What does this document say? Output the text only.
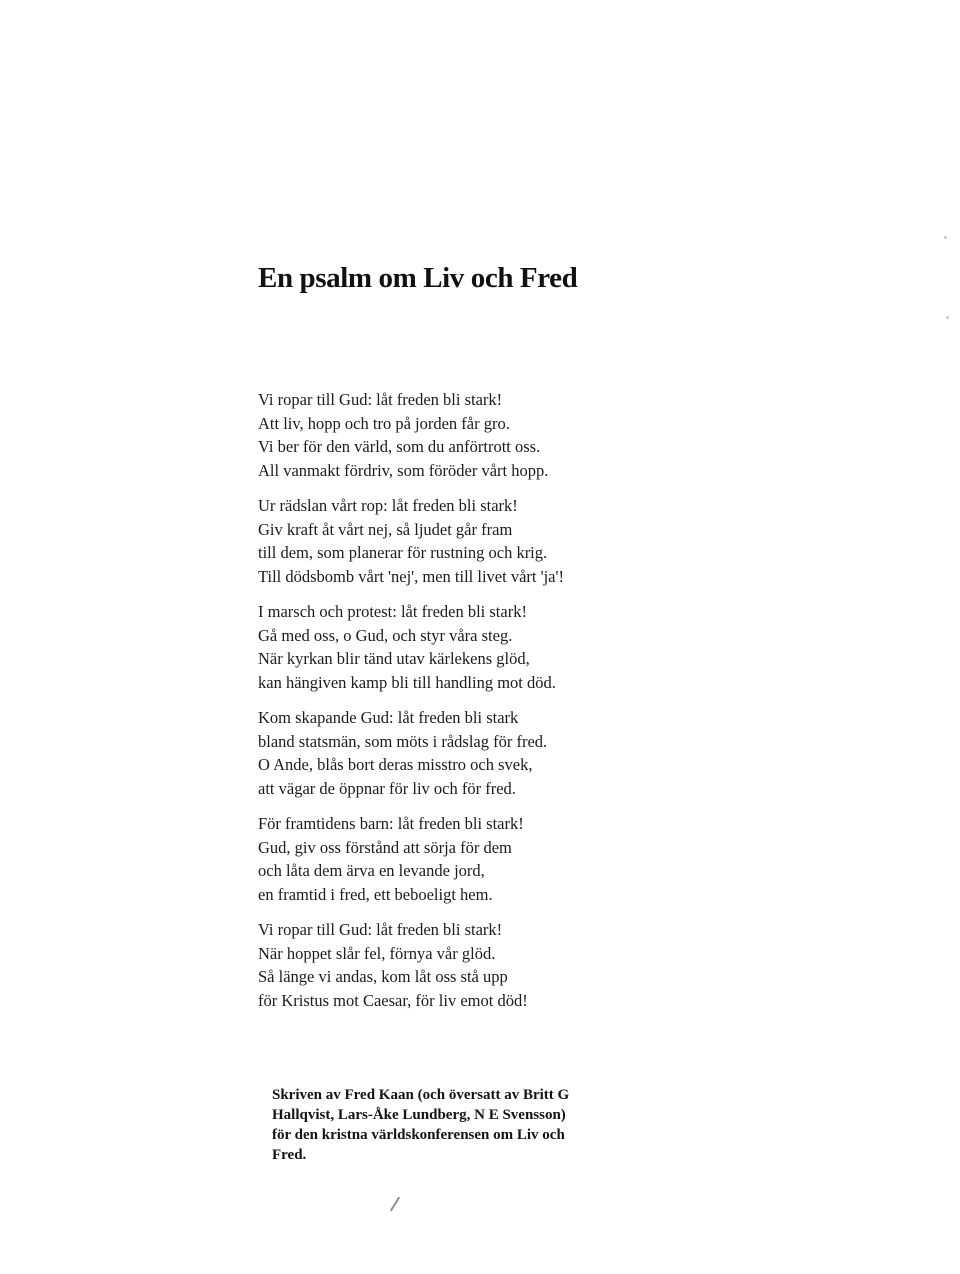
En psalm om Liv och Fred
Vi ropar till Gud: låt freden bli stark!
Att liv, hopp och tro på jorden får gro.
Vi ber för den värld, som du anförtrott oss.
All vanmakt fördriv, som föröder vårt hopp.
Ur rädslan vårt rop: låt freden bli stark!
Giv kraft åt vårt nej, så ljudet går fram
till dem, som planerar för rustning och krig.
Till dödsbomb vårt 'nej', men till livet vårt 'ja'!
I marsch och protest: låt freden bli stark!
Gå med oss, o Gud, och styr våra steg.
När kyrkan blir tänd utav kärlekens glöd,
kan hängiven kamp bli till handling mot död.
Kom skapande Gud: låt freden bli stark
bland statsmän, som möts i rådslag för fred.
O Ande, blås bort deras misstro och svek,
att vägar de öppnar för liv och för fred.
För framtidens barn: låt freden bli stark!
Gud, giv oss förstånd att sörja för dem
och låta dem ärva en levande jord,
en framtid i fred, ett beboeligt hem.
Vi ropar till Gud: låt freden bli stark!
När hoppet slår fel, förnya vår glöd.
Så länge vi andas, kom låt oss stå upp
för Kristus mot Caesar, för liv emot död!
Skriven av Fred Kaan (och översatt av Britt G
Hallqvist, Lars-Åke Lundberg, N E Svensson)
för den kristna världskonferensen om Liv och
Fred.
